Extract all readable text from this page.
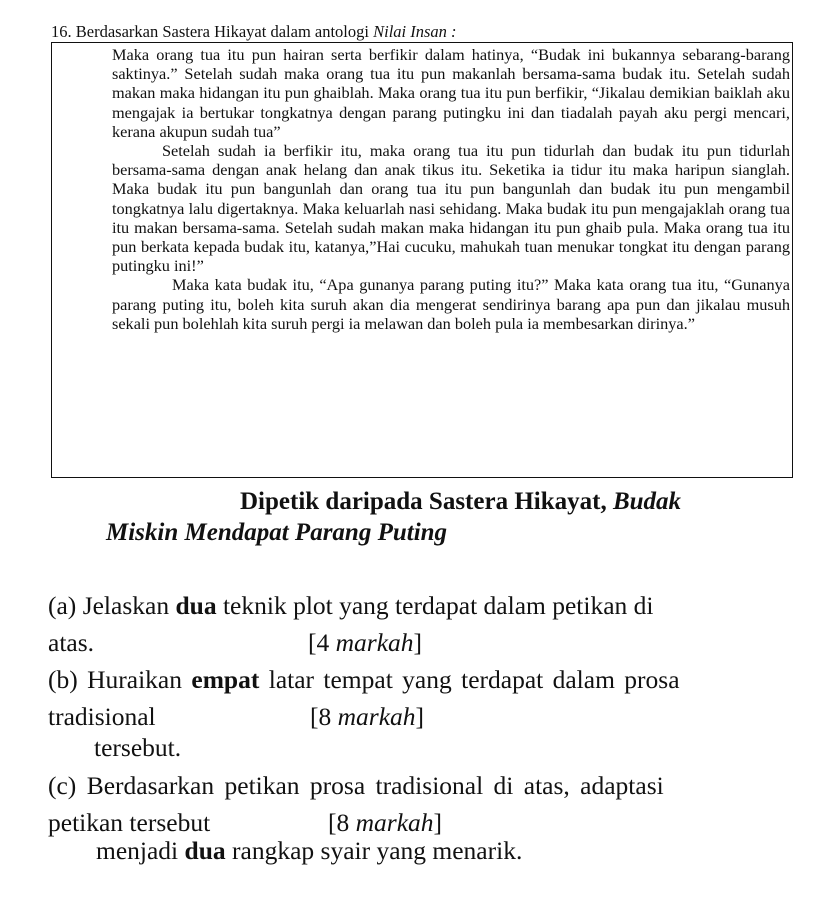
16. Berdasarkan Sastera Hikayat dalam antologi Nilai Insan :

Maka orang tua itu pun hairan serta berfikir dalam hatinya, “Budak ini bukannya sebarang-barang saktinya.” Setelah sudah maka orang tua itu pun makanlah bersama-sama budak itu. Setelah sudah makan maka hidangan itu pun ghaiblah. Maka orang tua itu pun berfikir, “Jikalau demikian baiklah aku mengajak ia bertukar tongkatnya dengan parang putingku ini dan tiadalah payah aku pergi mencari, kerana akupun sudah tua”

Setelah sudah ia berfikir itu, maka orang tua itu pun tidurlah dan budak itu pun tidurlah bersama-sama dengan anak helang dan anak tikus itu. Seketika ia tidur itu maka haripun sianglah. Maka budak itu pun bangunlah dan orang tua itu pun bangunlah dan budak itu pun mengambil tongkatnya lalu digertaknya. Maka keluarlah nasi sehidang. Maka budak itu pun mengajaklah orang tua itu makan bersama-sama. Setelah sudah makan maka hidangan itu pun ghaib pula. Maka orang tua itu pun berkata kepada budak itu, katanya,”Hai cucuku, mahukah tuan menukar tongkat itu dengan parang putingku ini!”

Maka kata budak itu, “Apa gunanya parang puting itu?” Maka kata orang tua itu, “Gunanya parang puting itu, boleh kita suruh akan dia mengerat sendirinya barang apa pun dan jikalau musuh sekali pun bolehlah kita suruh pergi ia melawan dan boleh pula ia membesarkan dirinya.”

Dipetik daripada Sastera Hikayat, Budak
Miskin Mendapat Parang Puting
(a) Jelaskan dua teknik plot yang terdapat dalam petikan di
atas.	[4 markah]
(b) Huraikan empat latar tempat yang terdapat dalam prosa
tradisional	[8 markah]
tersebut.
(c) Berdasarkan petikan prosa tradisional di atas, adaptasi
petikan tersebut	[8 markah]
menjadi dua rangkap syair yang menarik.
